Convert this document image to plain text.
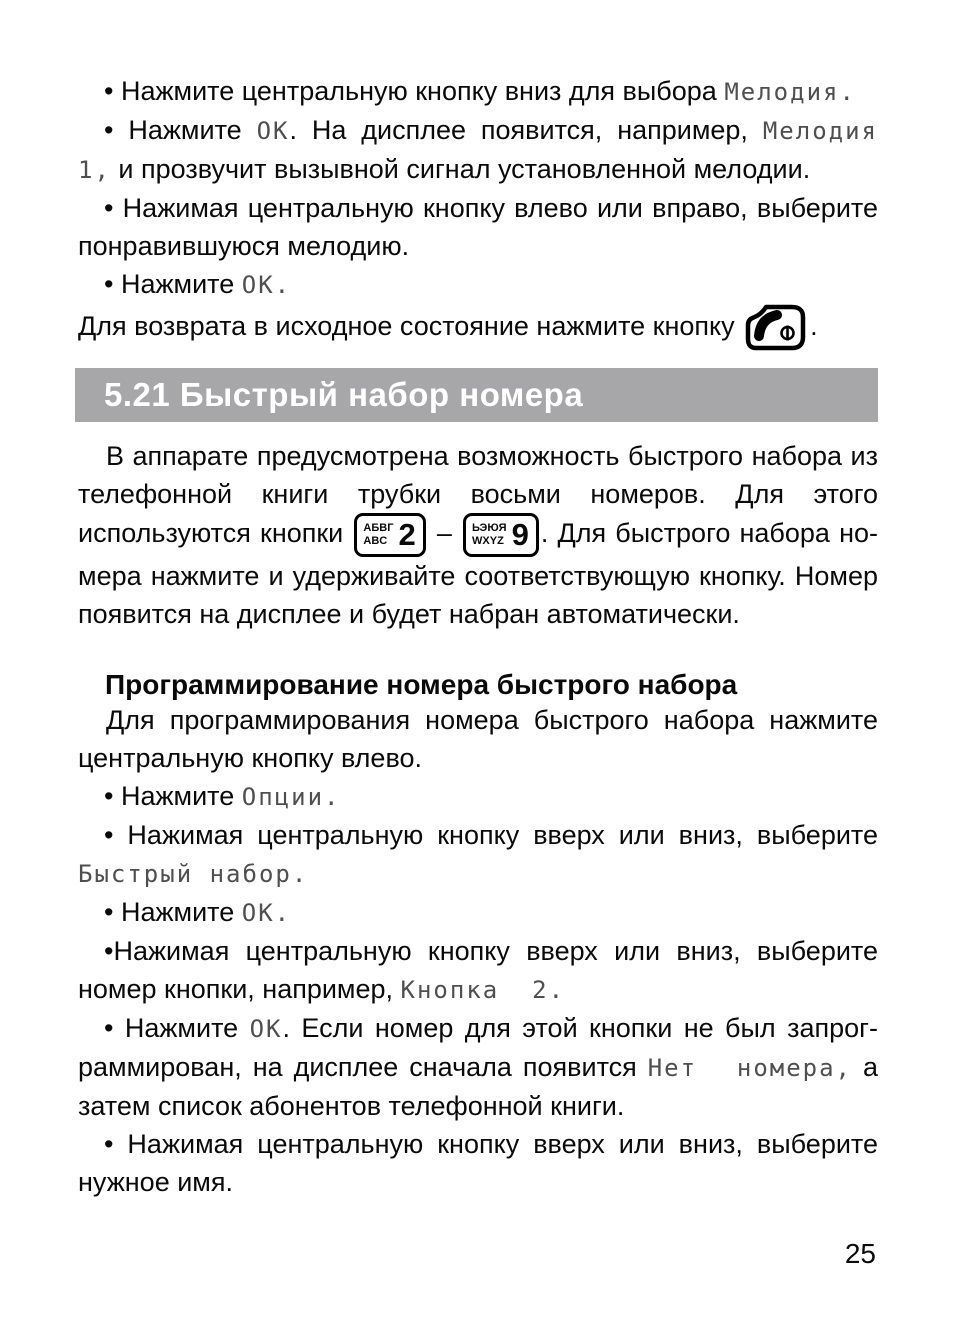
• Нажмите центральную кнопку вниз для выбора Мелодия.

• Нажмите ОК. На дисплее появится, например, Мелодия  1, и прозвучит вызывной сигнал установленной мелодии.

• Нажимая центральную кнопку влево или вправо, выберите понравившуюся мелодию.

• Нажмите ОК.

Для возврата в исходное состояние нажмите кнопку	.

5.21 Быстрый набор номера

В аппарате предусмотрена возможность быстрого набора из телефонной книги трубки восьми номеров. Для этого используются кнопки АБВГ
ABC 2 – ЬЭЮЯ
WXYZ 9 . Для быстрого набора номера нажмите и удерживайте соответствующую кнопку. Номер появится на дисплее и будет набран автоматически.

Программирование номера быстрого набора

Для программирования номера быстрого набора нажмите центральную кнопку влево.

• Нажмите Опции.

• Нажимая центральную кнопку вверх или вниз, выберите Быстрый набор.

• Нажмите ОК.

•Нажимая центральную кнопку вверх или вниз, выберите номер кнопки, например, Кнопка  2.

• Нажмите ОК. Если номер для этой кнопки не был запрограммирован, на дисплее сначала появится Нет  номера, а затем список абонентов телефонной книги.

• Нажимая центральную кнопку вверх или вниз, выберите нужное имя.

25
